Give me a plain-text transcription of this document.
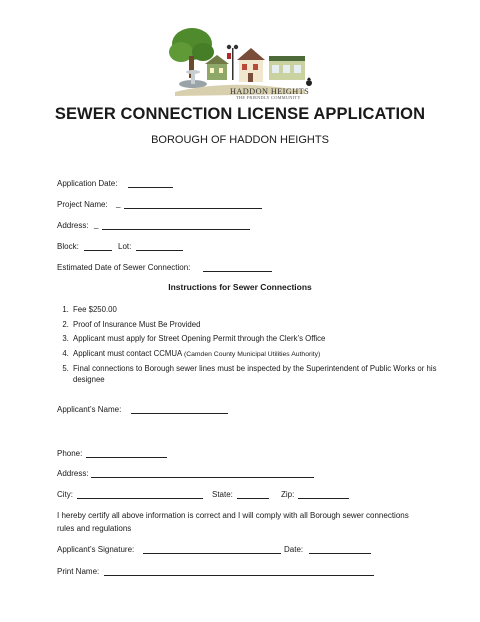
HADDON HEIGHTS
THE FRIENDLY COMMUNITY
SEWER CONNECTION LICENSE APPLICATION
BOROUGH OF HADDON HEIGHTS
Application Date:
Project Name: _
Address: _
Block:	Lot:
Estimated Date of Sewer Connection:
Instructions for Sewer Connections
1. Fee $250.00
2. Proof of Insurance Must Be Provided
3. Applicant must apply for Street Opening Permit through the Clerk’s Office
4. Applicant must contact CCMUA (Camden County Municipal Utilities Authority)
5. Final connections to Borough sewer lines must be inspected by the Superintendent of Public Works or his designee
Applicant’s Name:
Phone:
Address:
City:	State:	Zip:
I hereby certify all above information is correct and I will comply with all Borough sewer connections rules and regulations
Applicant’s Signature:	Date:
Print Name:
